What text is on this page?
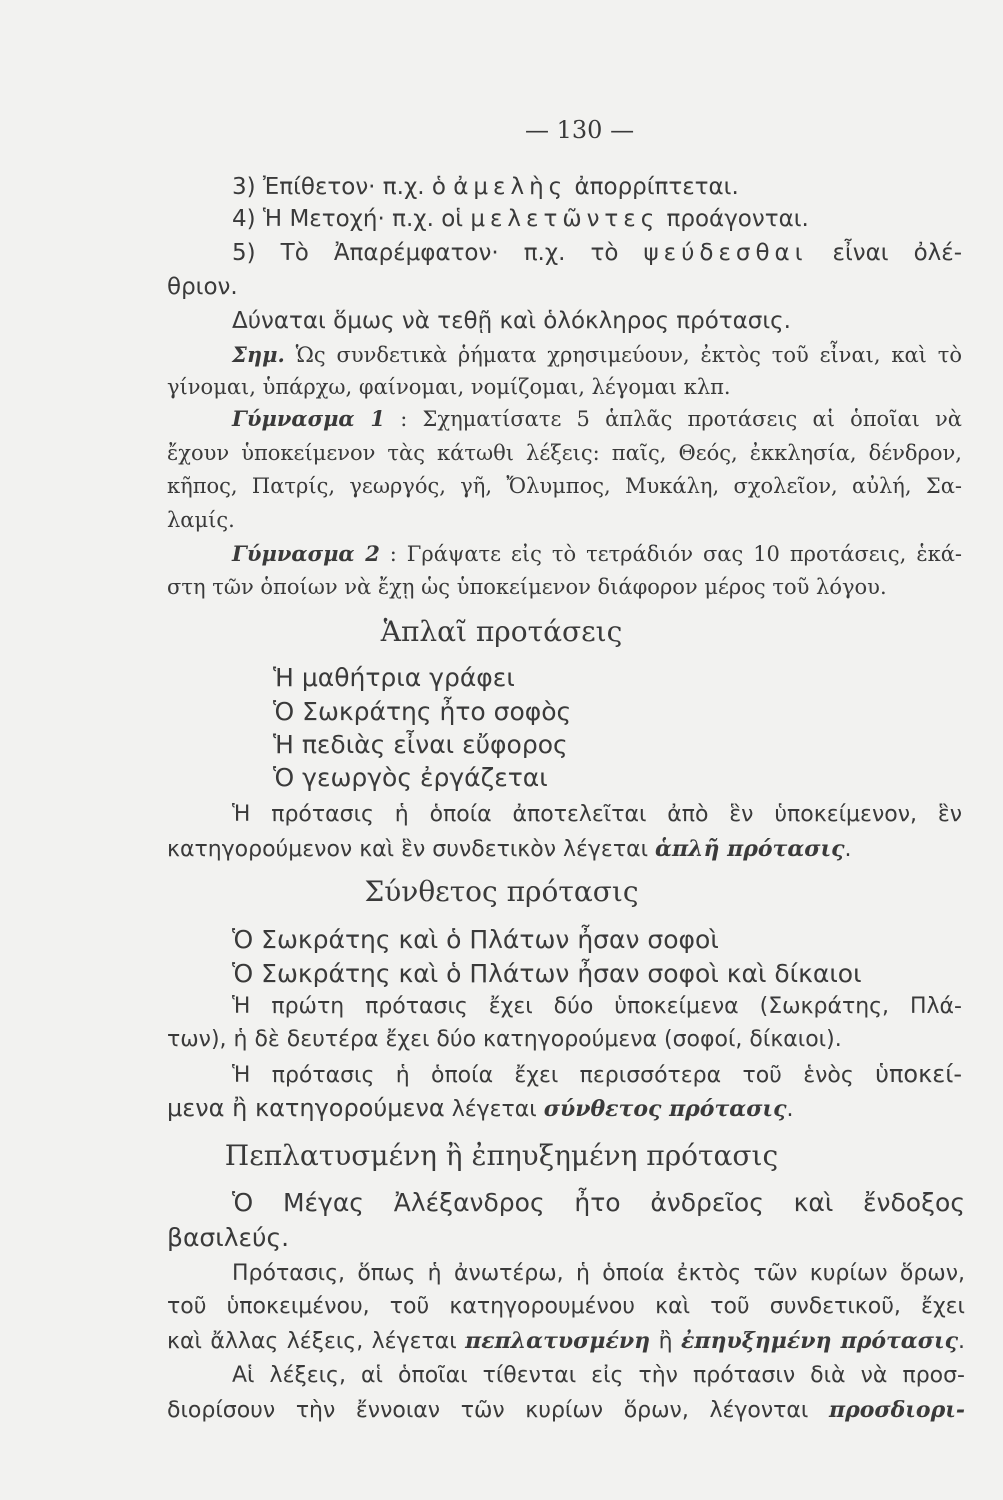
— 130 —
3) Ἐπίθετον· π.χ. ὁ ἀμελὴς ἀπορρίπτεται.
4) Ἡ Μετοχή· π.χ. οἱ μελετῶντες προάγονται.
5) Τὸ Ἀπαρέμφατον· π.χ. τὸ ψεύδεσθαι εἶναι ὀλέ-
θριον.
Δύναται ὅμως νὰ τεθῇ καὶ ὁλόκληρος πρότασις.
Σημ. Ὡς συνδετικὰ ῥήματα χρησιμεύουν, ἐκτὸς τοῦ εἶναι, καὶ τὸ
γίνομαι, ὑπάρχω, φαίνομαι, νομίζομαι, λέγομαι κλπ.
Γύμνασμα 1 : Σχηματίσατε 5 ἁπλᾶς προτάσεις αἱ ὁποῖαι νὰ
ἔχουν ὑποκείμενον τὰς κάτωθι λέξεις: παῖς, Θεός, ἐκκλησία, δένδρον,
κῆπος, Πατρίς, γεωργός, γῆ, Ὄλυμπος, Μυκάλη, σχολεῖον, αὐλή, Σα-
λαμίς.
Γύμνασμα 2 : Γράψατε εἰς τὸ τετράδιόν σας 10 προτάσεις, ἑκά-
στη τῶν ὁποίων νὰ ἔχῃ ὡς ὑποκείμενον διάφορον μέρος τοῦ λόγου.
Ἁπλαῖ προτάσεις
Ἡ μαθήτρια γράφει
Ὁ Σωκράτης ἦτο σοφὸς
Ἡ πεδιὰς εἶναι εὔφορος
Ὁ γεωργὸς ἐργάζεται
Ἡ πρότασις ἡ ὁποία ἀποτελεῖται ἀπὸ ἓν ὑποκείμενον, ἓν
κατηγορούμενον καὶ ἓν συνδετικὸν λέγεται ἁπλῆ πρότασις.
Σύνθετος πρότασις
Ὁ Σωκράτης καὶ ὁ Πλάτων ἦσαν σοφοὶ
Ὁ Σωκράτης καὶ ὁ Πλάτων ἦσαν σοφοὶ καὶ δίκαιοι
Ἡ πρώτη πρότασις ἔχει δύο ὑποκείμενα (Σωκράτης, Πλά-
των), ἡ δὲ δευτέρα ἔχει δύο κατηγορούμενα (σοφοί, δίκαιοι).
Ἡ πρότασις ἡ ὁποία ἔχει περισσότερα τοῦ ἑνὸς ὑποκεί-
μενα ἢ κατηγορούμενα λέγεται σύνθετος πρότασις.
Πεπλατυσμένη ἢ ἐπηυξημένη πρότασις
Ὁ Μέγας Ἀλέξανδρος ἦτο ἀνδρεῖος καὶ ἔνδοξος
βασιλεύς.
Πρότασις, ὅπως ἡ ἀνωτέρω, ἡ ὁποία ἐκτὸς τῶν κυρίων ὅρων,
τοῦ ὑποκειμένου, τοῦ κατηγορουμένου καὶ τοῦ συνδετικοῦ, ἔχει
καὶ ἄλλας λέξεις, λέγεται πεπλατυσμένη ἢ ἐπηυξημένη πρότασις.
Αἱ λέξεις, αἱ ὁποῖαι τίθενται εἰς τὴν πρότασιν διὰ νὰ προσ-
διορίσουν τὴν ἔννοιαν τῶν κυρίων ὅρων, λέγονται προσδιορι-
